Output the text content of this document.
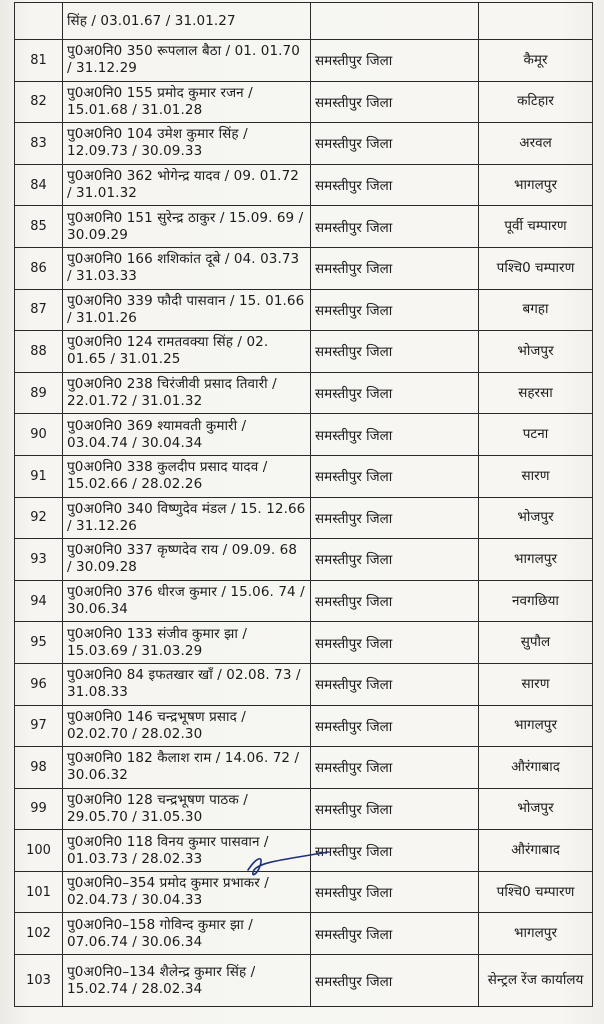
	सिंह / 03.01.67 / 31.01.27		

81	पु0अ0नि0 350 रूपलाल बैठा / 01. 01.70 / 31.12.29	समस्तीपुर जिला	कैमूर
82	पु0अ0नि0 155 प्रमोद कुमार रजन / 15.01.68 / 31.01.28	समस्तीपुर जिला	कटिहार
83	पु0अ0नि0 104 उमेश कुमार सिंह / 12.09.73 / 30.09.33	समस्तीपुर जिला	अरवल
84	पु0अ0नि0 362 भोगेन्द्र यादव / 09. 01.72 / 31.01.32	समस्तीपुर जिला	भागलपुर
85	पु0अ0नि0 151 सुरेन्द्र ठाकुर / 15.09. 69 / 30.09.29	समस्तीपुर जिला	पूर्वी चम्पारण
86	पु0अ0नि0 166 शशिकांत दूबे / 04. 03.73 / 31.03.33	समस्तीपुर जिला	पश्चि0 चम्पारण
87	पु0अ0नि0 339 फौदी पासवान / 15. 01.66 / 31.01.26	समस्तीपुर जिला	बगहा
88	पु0अ0नि0 124 रामतवक्या सिंह / 02. 01.65 / 31.01.25	समस्तीपुर जिला	भोजपुर
89	पु0अ0नि0 238 चिरंजीवी प्रसाद तिवारी / 22.01.72 / 31.01.32	समस्तीपुर जिला	सहरसा
90	पु0अ0नि0 369 श्यामवती कुमारी / 03.04.74 / 30.04.34	समस्तीपुर जिला	पटना
91	पु0अ0नि0 338 कुलदीप प्रसाद यादव / 15.02.66 / 28.02.26	समस्तीपुर जिला	सारण
92	पु0अ0नि0 340 विष्णुदेव मंडल / 15. 12.66 / 31.12.26	समस्तीपुर जिला	भोजपुर
93	पु0अ0नि0 337 कृष्णदेव राय / 09.09. 68 / 30.09.28	समस्तीपुर जिला	भागलपुर
94	पु0अ0नि0 376 धीरज कुमार / 15.06. 74 / 30.06.34	समस्तीपुर जिला	नवगछिया
95	पु0अ0नि0 133 संजीव कुमार झा / 15.03.69 / 31.03.29	समस्तीपुर जिला	सुपौल
96	पु0अ0नि0 84 इफतखार खाँ / 02.08. 73 / 31.08.33	समस्तीपुर जिला	सारण
97	पु0अ0नि0 146 चन्द्रभूषण प्रसाद / 02.02.70 / 28.02.30	समस्तीपुर जिला	भागलपुर
98	पु0अ0नि0 182 कैलाश राम / 14.06. 72 / 30.06.32	समस्तीपुर जिला	औरंगाबाद
99	पु0अ0नि0 128 चन्द्रभूषण पाठक / 29.05.70 / 31.05.30	समस्तीपुर जिला	भोजपुर
100	पु0अ0नि0 118 विनय कुमार पासवान / 01.03.73 / 28.02.33	समस्तीपुर जिला	औरंगाबाद
101	पु0अ0नि0–354 प्रमोद कुमार प्रभाकर / 02.04.73 / 30.04.33	समस्तीपुर जिला	पश्चि0 चम्पारण
102	पु0अ0नि0–158 गोविन्द कुमार झा / 07.06.74 / 30.06.34	समस्तीपुर जिला	भागलपुर
103	पु0अ0नि0–134 शैलेन्द्र कुमार सिंह / 15.02.74 / 28.02.34	समस्तीपुर जिला	सेन्ट्रल रेंज कार्यालय
